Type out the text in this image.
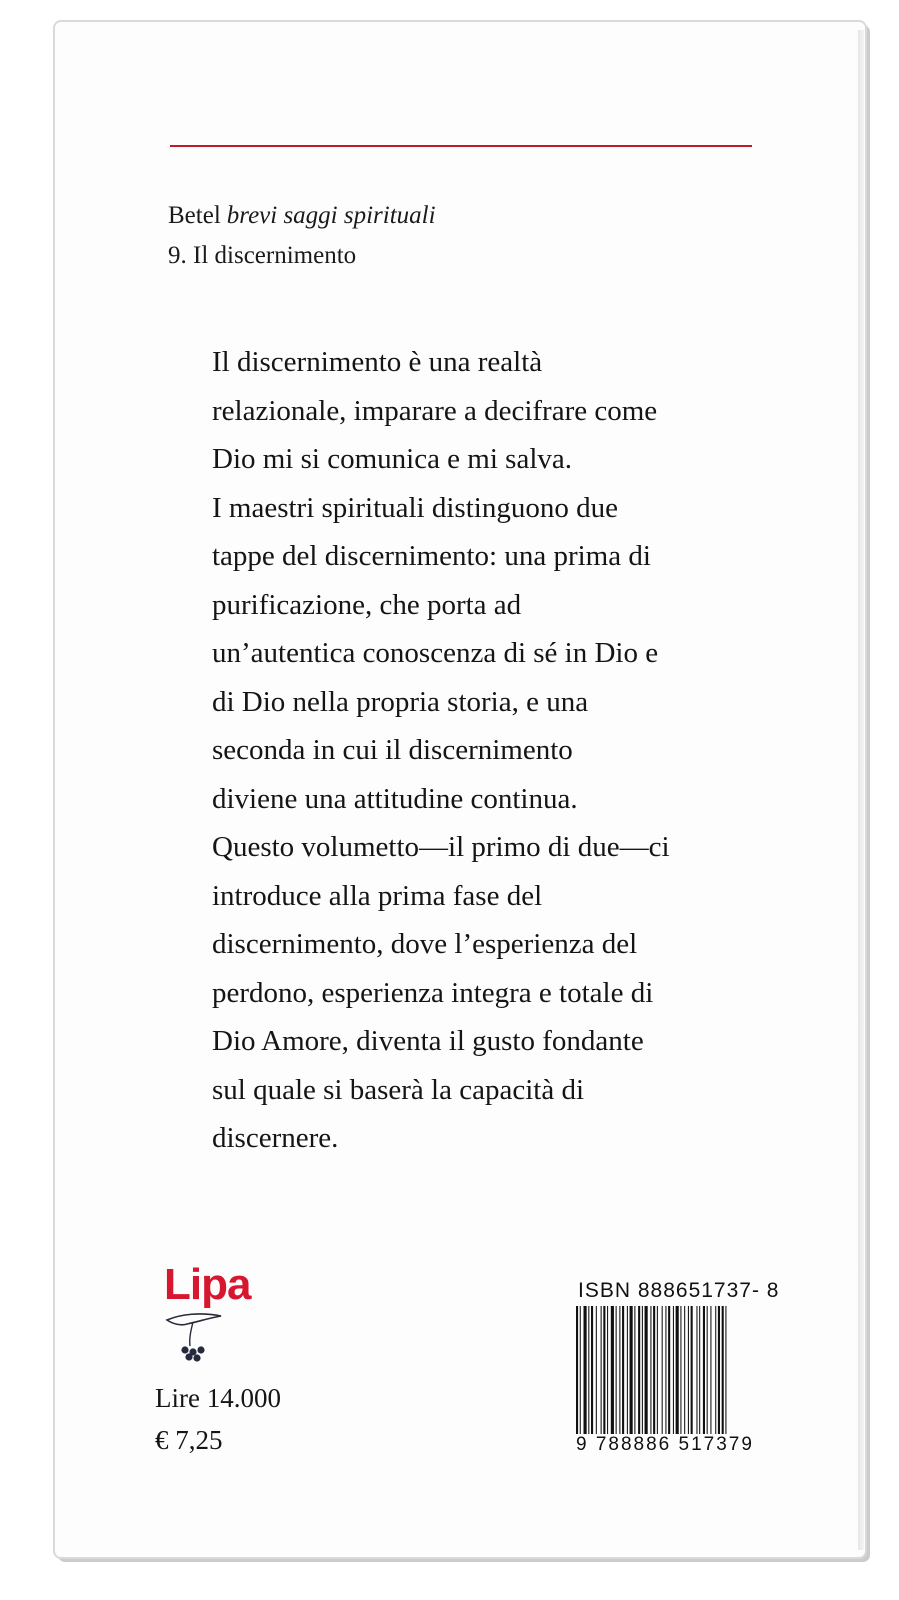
Betel brevi saggi spirituali
9. Il discernimento
Il discernimento è una realtà
relazionale, imparare a decifrare come
Dio mi si comunica e mi salva.
I maestri spirituali distinguono due
tappe del discernimento: una prima di
purificazione, che porta ad
un’autentica conoscenza di sé in Dio e
di Dio nella propria storia, e una
seconda in cui il discernimento
diviene una attitudine continua.
Questo volumetto—il primo di due—ci
introduce alla prima fase del
discernimento, dove l’esperienza del
perdono, esperienza integra e totale di
Dio Amore, diventa il gusto fondante
sul quale si baserà la capacità di
discernere.
Lipa
Lire 14.000
€ 7,25
ISBN 888651737- 8
9 788886 517379
